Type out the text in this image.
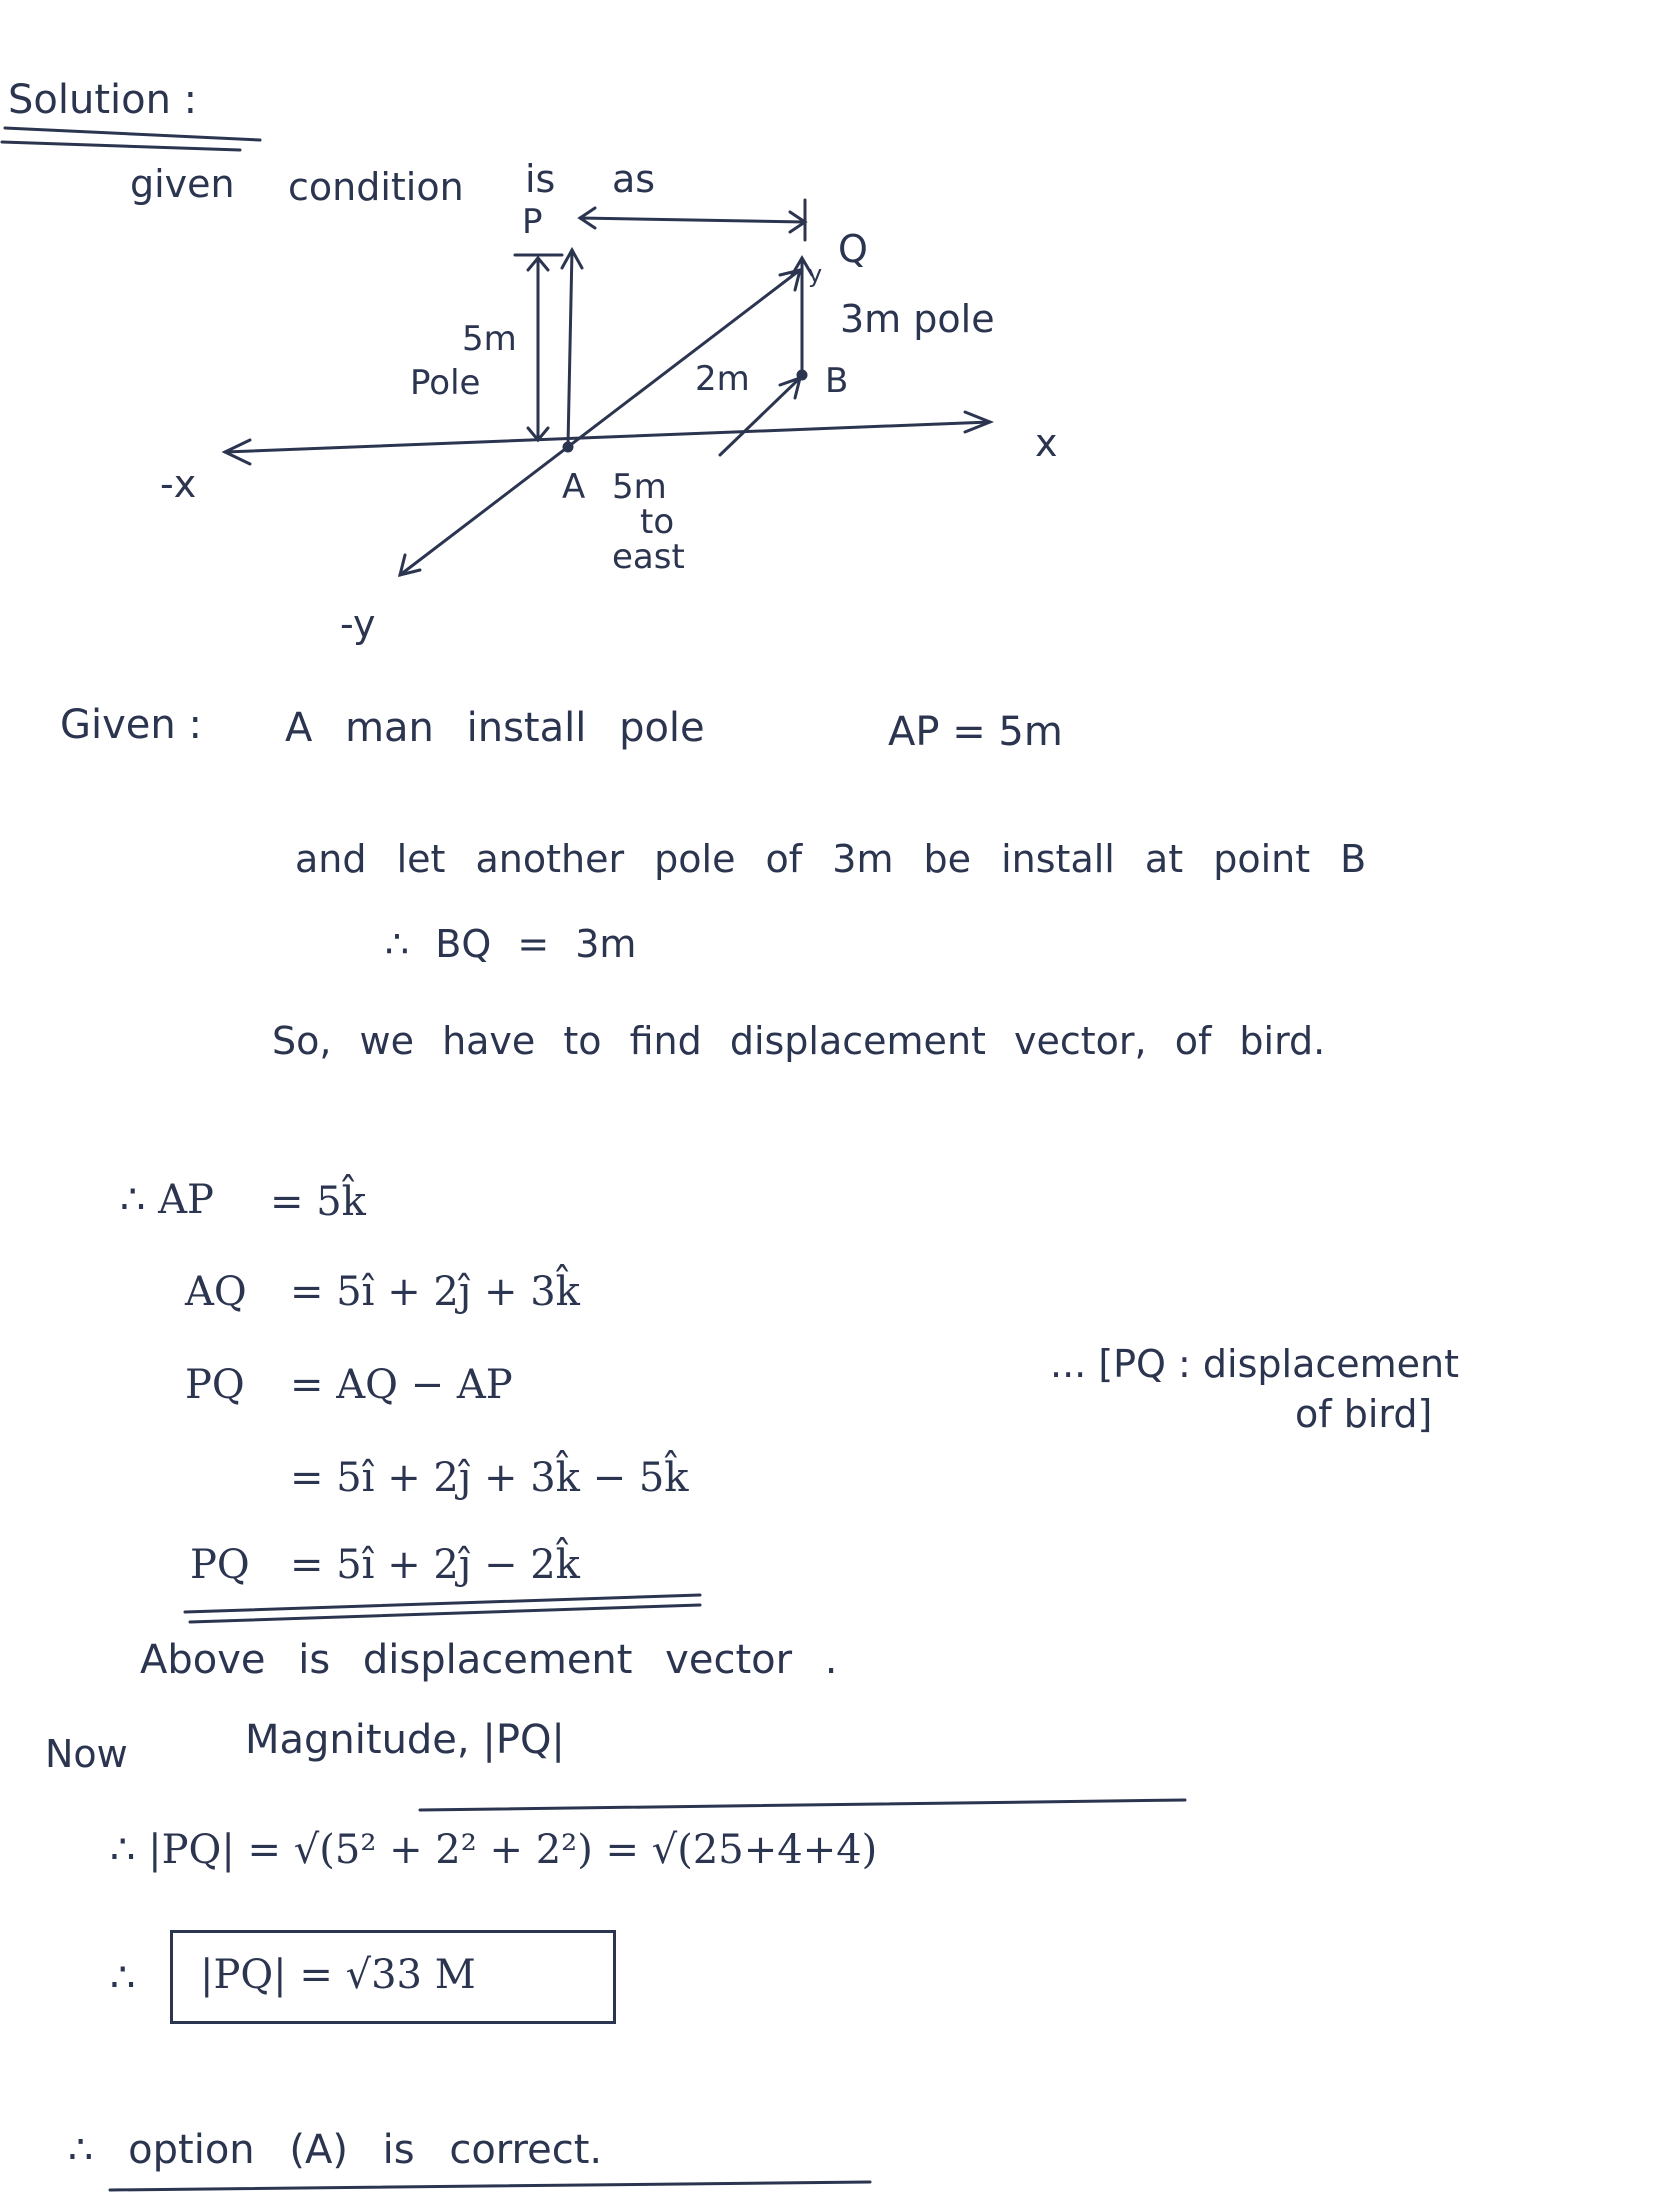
Solution :
given condition is as
P
Q
y
5m
Pole
3m pole
2m B
x
-x
-y
A 5m
to
east
Given : A man install pole	AP = 5m
and let another pole of 3m be install at point B
∴ BQ = 3m
So, we have to find displacement vector, of bird.
∴ AP = 5k̂
AQ = 5î + 2ĵ + 3k̂
PQ = AQ − AP
= 5î + 2ĵ + 3k̂ − 5k̂
PQ = 5î + 2ĵ − 2k̂
... [PQ : displacement
of bird]
Above is displacement vector .
Now	Magnitude, |PQ|
∴ |PQ| = √(5² + 2² + 2²) = √(25+4+4)
∴ |PQ| = √33 M
∴ option (A) is correct.
